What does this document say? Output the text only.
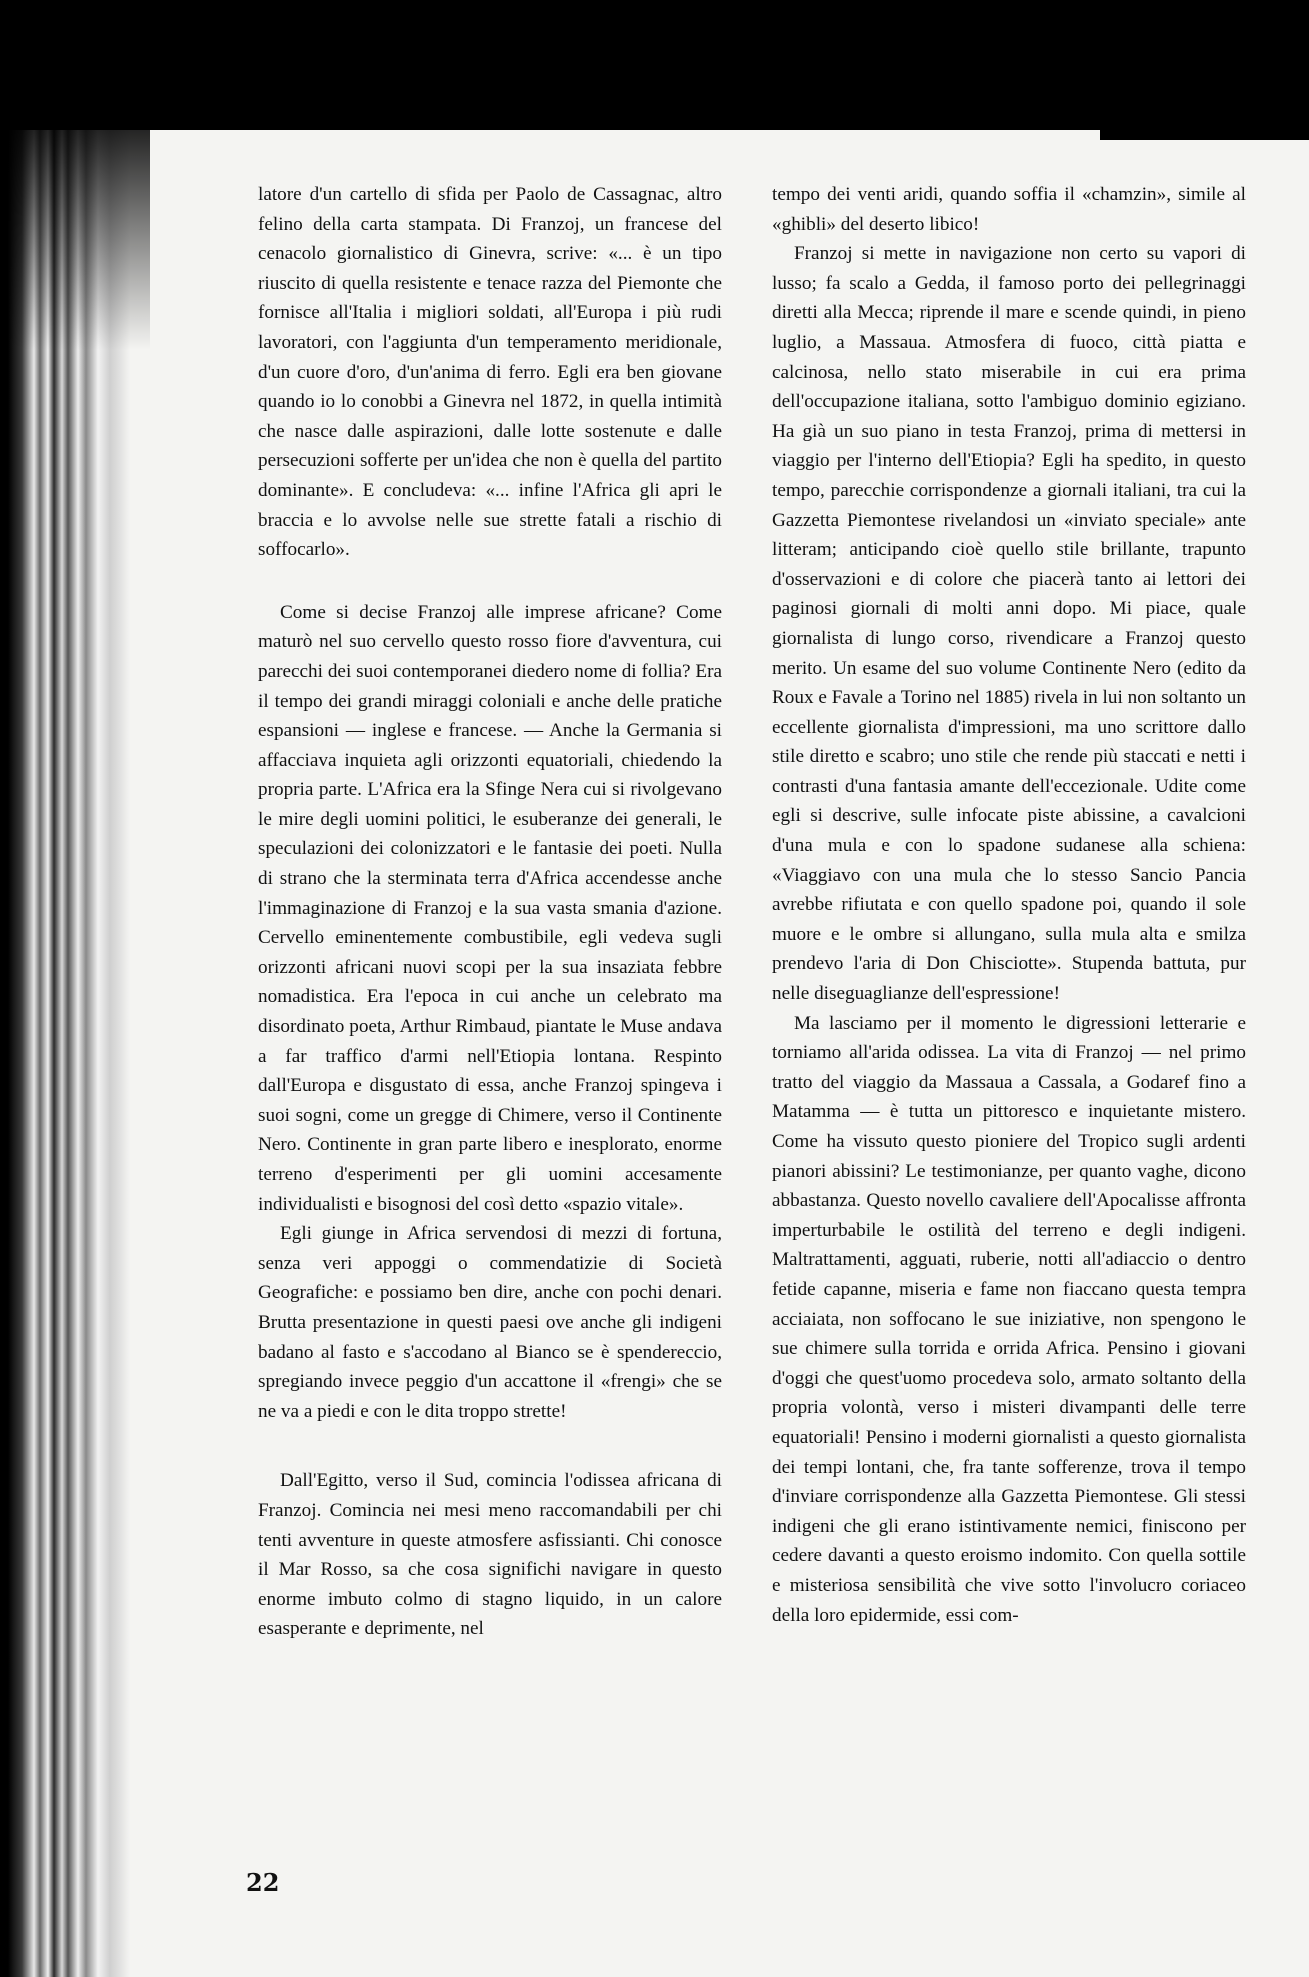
latore d'un cartello di sfida per Paolo de Cassagnac, altro felino della carta stampata. Di Franzoj, un francese del cenacolo giornalistico di Ginevra, scrive: «... è un tipo riuscito di quella resistente e tenace razza del Piemonte che fornisce all'Italia i migliori soldati, all'Europa i più rudi lavoratori, con l'aggiunta d'un temperamento meridionale, d'un cuore d'oro, d'un'anima di ferro. Egli era ben giovane quando io lo conobbi a Ginevra nel 1872, in quella intimità che nasce dalle aspirazioni, dalle lotte sostenute e dalle persecuzioni sofferte per un'idea che non è quella del partito dominante». E concludeva: «... infine l'Africa gli apri le braccia e lo avvolse nelle sue strette fatali a rischio di soffocarlo».

Come si decise Franzoj alle imprese africane? Come maturò nel suo cervello questo rosso fiore d'avventura, cui parecchi dei suoi contemporanei diedero nome di follia? Era il tempo dei grandi miraggi coloniali e anche delle pratiche espansioni — inglese e francese. — Anche la Germania si affacciava inquieta agli orizzonti equatoriali, chiedendo la propria parte. L'Africa era la Sfinge Nera cui si rivolgevano le mire degli uomini politici, le esuberanze dei generali, le speculazioni dei colonizzatori e le fantasie dei poeti. Nulla di strano che la sterminata terra d'Africa accendesse anche l'immaginazione di Franzoj e la sua vasta smania d'azione. Cervello eminentemente combustibile, egli vedeva sugli orizzonti africani nuovi scopi per la sua insaziata febbre nomadistica. Era l'epoca in cui anche un celebrato ma disordinato poeta, Arthur Rimbaud, piantate le Muse andava a far traffico d'armi nell'Etiopia lontana. Respinto dall'Europa e disgustato di essa, anche Franzoj spingeva i suoi sogni, come un gregge di Chimere, verso il Continente Nero. Continente in gran parte libero e inesplorato, enorme terreno d'esperimenti per gli uomini accesamente individualisti e bisognosi del così detto «spazio vitale».

Egli giunge in Africa servendosi di mezzi di fortuna, senza veri appoggi o commendatizie di Società Geografiche: e possiamo ben dire, anche con pochi denari. Brutta presentazione in questi paesi ove anche gli indigeni badano al fasto e s'accodano al Bianco se è spendereccio, spregiando invece peggio d'un accattone il «frengi» che se ne va a piedi e con le dita troppo strette!

Dall'Egitto, verso il Sud, comincia l'odissea africana di Franzoj. Comincia nei mesi meno raccomandabili per chi tenti avventure in queste atmosfere asfissianti. Chi conosce il Mar Rosso, sa che cosa significhi navigare in questo enorme imbuto colmo di stagno liquido, in un calore esasperante e deprimente, nel

tempo dei venti aridi, quando soffia il «chamzin», simile al «ghibli» del deserto libico!

Franzoj si mette in navigazione non certo su vapori di lusso; fa scalo a Gedda, il famoso porto dei pellegrinaggi diretti alla Mecca; riprende il mare e scende quindi, in pieno luglio, a Massaua. Atmosfera di fuoco, città piatta e calcinosa, nello stato miserabile in cui era prima dell'occupazione italiana, sotto l'ambiguo dominio egiziano. Ha già un suo piano in testa Franzoj, prima di mettersi in viaggio per l'interno dell'Etiopia? Egli ha spedito, in questo tempo, parecchie corrispondenze a giornali italiani, tra cui la Gazzetta Piemontese rivelandosi un «inviato speciale» ante litteram; anticipando cioè quello stile brillante, trapunto d'osservazioni e di colore che piacerà tanto ai lettori dei paginosi giornali di molti anni dopo. Mi piace, quale giornalista di lungo corso, rivendicare a Franzoj questo merito. Un esame del suo volume Continente Nero (edito da Roux e Favale a Torino nel 1885) rivela in lui non soltanto un eccellente giornalista d'impressioni, ma uno scrittore dallo stile diretto e scabro; uno stile che rende più staccati e netti i contrasti d'una fantasia amante dell'eccezionale. Udite come egli si descrive, sulle infocate piste abissine, a cavalcioni d'una mula e con lo spadone sudanese alla schiena: «Viaggiavo con una mula che lo stesso Sancio Pancia avrebbe rifiutata e con quello spadone poi, quando il sole muore e le ombre si allungano, sulla mula alta e smilza prendevo l'aria di Don Chisciotte». Stupenda battuta, pur nelle diseguaglianze dell'espressione!

Ma lasciamo per il momento le digressioni letterarie e torniamo all'arida odissea. La vita di Franzoj — nel primo tratto del viaggio da Massaua a Cassala, a Godaref fino a Matamma — è tutta un pittoresco e inquietante mistero. Come ha vissuto questo pioniere del Tropico sugli ardenti pianori abissini? Le testimonianze, per quanto vaghe, dicono abbastanza. Questo novello cavaliere dell'Apocalisse affronta imperturbabile le ostilità del terreno e degli indigeni. Maltrattamenti, agguati, ruberie, notti all'adiaccio o dentro fetide capanne, miseria e fame non fiaccano questa tempra acciaiata, non soffocano le sue iniziative, non spengono le sue chimere sulla torrida e orrida Africa. Pensino i giovani d'oggi che quest'uomo procedeva solo, armato soltanto della propria volontà, verso i misteri divampanti delle terre equatoriali! Pensino i moderni giornalisti a questo giornalista dei tempi lontani, che, fra tante sofferenze, trova il tempo d'inviare corrispondenze alla Gazzetta Piemontese. Gli stessi indigeni che gli erano istintivamente nemici, finiscono per cedere davanti a questo eroismo indomito. Con quella sottile e misteriosa sensibilità che vive sotto l'involucro coriaceo della loro epidermide, essi com-

22
